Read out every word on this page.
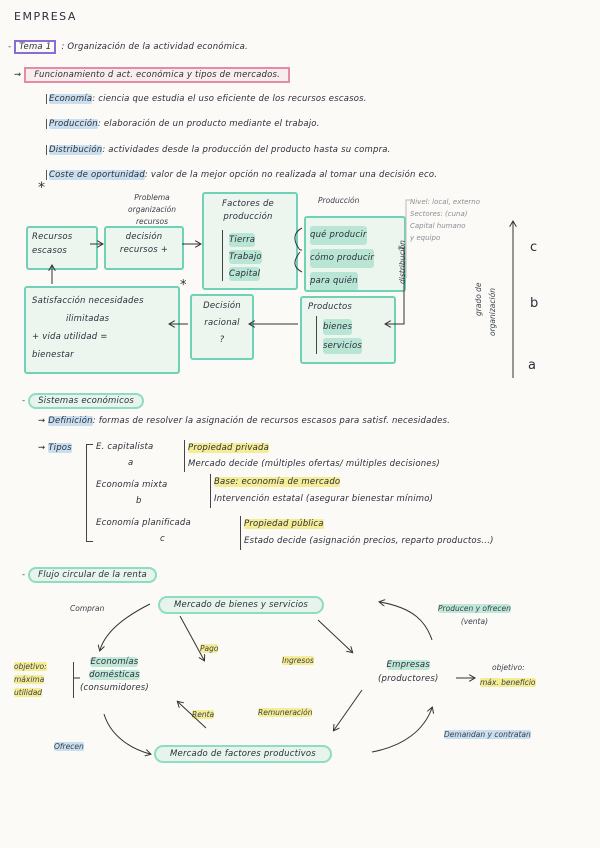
EMPRESA
- Tema 1 : Organización de la actividad económica.
⇝ Funcionamiento d act. económica y tipos de mercados.
Economía: ciencia que estudia el uso eficiente de los recursos escasos.
Producción: elaboración de un producto mediante el trabajo.
Distribución: actividades desde la producción del producto hasta su compra.
Coste de oportunidad: valor de la mejor opción no realizada al tomar una decisión eco.
*
Problema organización recursos
Recursos escasos
decisión recursos +
Factores de producción
Tierra
Trabajo
Capital
Producción
qué producir
cómo producir
para quién
Nivel: local, externo
Sectores: (cuna)
Capital humano
y equipo
c
b
a
distribución
grado de organización
Satisfacción necesidades
ilimitadas
+ vida utilidad =
bienestar
*
Decisión
racional
?
Productos
bienes
servicios
- Sistemas económicos
⇝ Definición: formas de resolver la asignación de recursos escasos para satisf. necesidades.
⇝ Tipos	E. capitalista
a
Propiedad privada
Mercado decide (múltiples ofertas/ múltiples decisiones)
Economía mixta
b
Base: economía de mercado
Intervención estatal (asegurar bienestar mínimo)
Economía planificada
c
Propiedad pública
Estado decide (asignación precios, reparto productos...)
- Flujo circular de la renta
Mercado de bienes y servicios
Mercado de factores productivos
Economías
domésticas
(consumidores)
Empresas
(productores)
objetivo:
máxima
utilidad
objetivo:
máx. beneficio
Compran	Producen y ofrecen
(venta)
Pago
Ingresos
Renta	Remuneración
Ofrecen
Demandan y contratan
